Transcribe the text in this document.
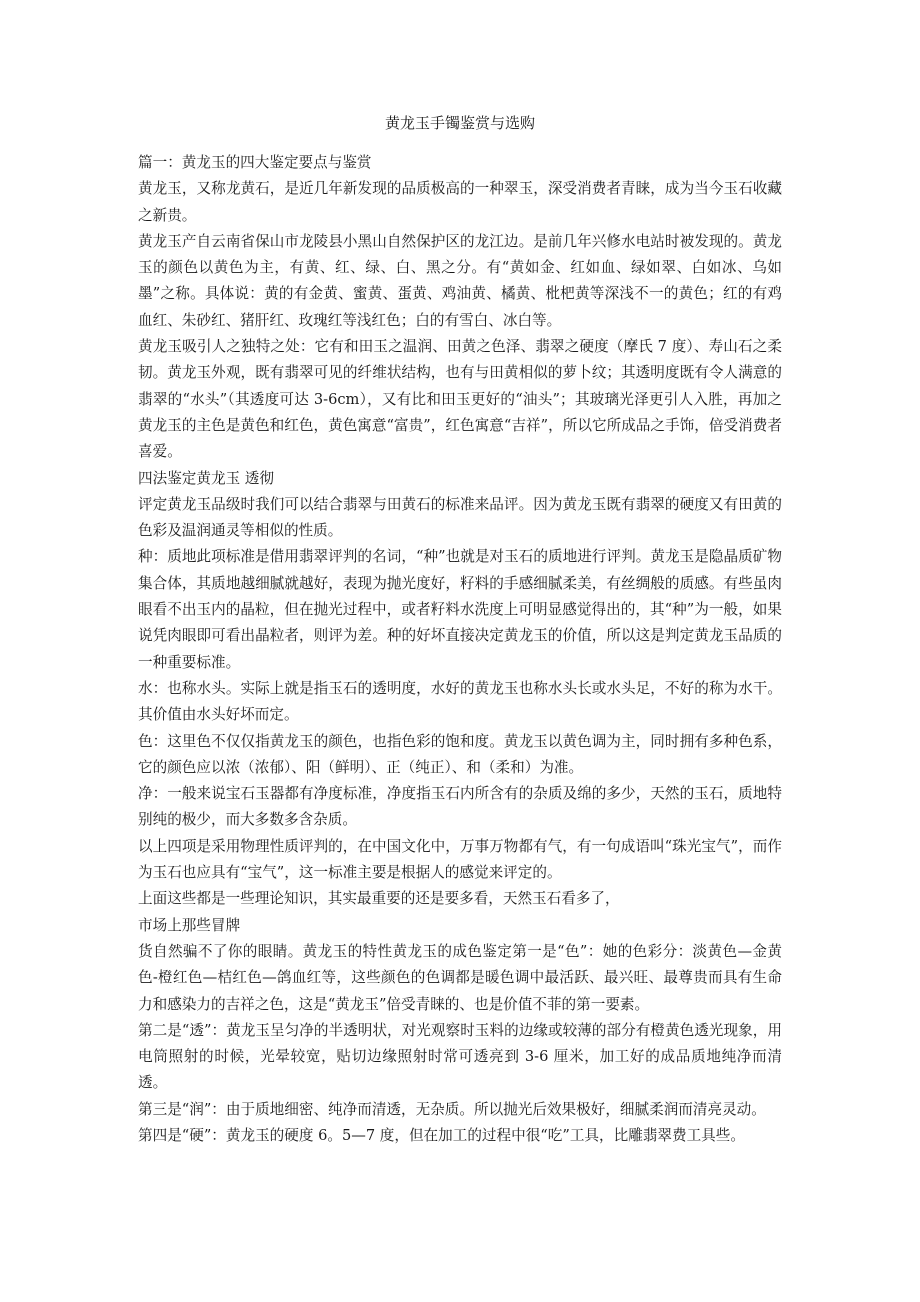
黄龙玉手镯鉴赏与选购

篇一：黄龙玉的四大鉴定要点与鉴赏

黄龙玉，又称龙黄石，是近几年新发现的品质极高的一种翠玉，深受消费者青睐，成为当今玉石收藏之新贵。

黄龙玉产自云南省保山市龙陵县小黑山自然保护区的龙江边。是前几年兴修水电站时被发现的。黄龙玉的颜色以黄色为主，有黄、红、绿、白、黑之分。有“黄如金、红如血、绿如翠、白如冰、乌如墨”之称。具体说：黄的有金黄、蜜黄、蛋黄、鸡油黄、橘黄、枇杷黄等深浅不一的黄色；红的有鸡血红、朱砂红、猪肝红、玫瑰红等浅红色；白的有雪白、冰白等。

黄龙玉吸引人之独特之处：它有和田玉之温润、田黄之色泽、翡翠之硬度（摩氏 7 度）、寿山石之柔韧。黄龙玉外观，既有翡翠可见的纤维状结构，也有与田黄相似的萝卜纹；其透明度既有令人满意的翡翠的“水头”（其透度可达 3-6cm），又有比和田玉更好的“油头”；其玻璃光泽更引人入胜，再加之黄龙玉的主色是黄色和红色，黄色寓意“富贵”，红色寓意“吉祥”，所以它所成品之手饰，倍受消费者喜爱。

四法鉴定黄龙玉 透彻

评定黄龙玉品级时我们可以结合翡翠与田黄石的标准来品评。因为黄龙玉既有翡翠的硬度又有田黄的色彩及温润通灵等相似的性质。

种：质地此项标准是借用翡翠评判的名词，“种”也就是对玉石的质地进行评判。黄龙玉是隐晶质矿物集合体，其质地越细腻就越好，表现为抛光度好，籽料的手感细腻柔美，有丝绸般的质感。有些虽肉眼看不出玉内的晶粒，但在抛光过程中，或者籽料水洗度上可明显感觉得出的，其“种”为一般，如果说凭肉眼即可看出晶粒者，则评为差。种的好坏直接决定黄龙玉的价值，所以这是判定黄龙玉品质的一种重要标准。

水：也称水头。实际上就是指玉石的透明度，水好的黄龙玉也称水头长或水头足，不好的称为水干。其价值由水头好坏而定。

色：这里色不仅仅指黄龙玉的颜色，也指色彩的饱和度。黄龙玉以黄色调为主，同时拥有多种色系，它的颜色应以浓（浓郁）、阳（鲜明）、正（纯正）、和（柔和）为准。

净：一般来说宝石玉器都有净度标准，净度指玉石内所含有的杂质及绵的多少，天然的玉石，质地特别纯的极少，而大多数多含杂质。

以上四项是采用物理性质评判的，在中国文化中，万事万物都有气，有一句成语叫“珠光宝气”，而作为玉石也应具有“宝气”，这一标准主要是根据人的感觉来评定的。

上面这些都是一些理论知识，其实最重要的还是要多看，天然玉石看多了，

市场上那些冒牌

货自然骗不了你的眼睛。黄龙玉的特性黄龙玉的成色鉴定第一是“色”：她的色彩分：淡黄色—金黄色-橙红色—桔红色—鸽血红等，这些颜色的色调都是暖色调中最活跃、最兴旺、最尊贵而具有生命力和感染力的吉祥之色，这是“黄龙玉”倍受青睐的、也是价值不菲的第一要素。

第二是“透”：黄龙玉呈匀净的半透明状，对光观察时玉料的边缘或较薄的部分有橙黄色透光现象，用电筒照射的时候，光晕较宽，贴切边缘照射时常可透亮到 3-6 厘米，加工好的成品质地纯净而清透。

第三是“润”：由于质地细密、纯净而清透，无杂质。所以抛光后效果极好，细腻柔润而清亮灵动。

第四是“硬”：黄龙玉的硬度 6。5—7 度，但在加工的过程中很“吃”工具，比雕翡翠费工具些。
